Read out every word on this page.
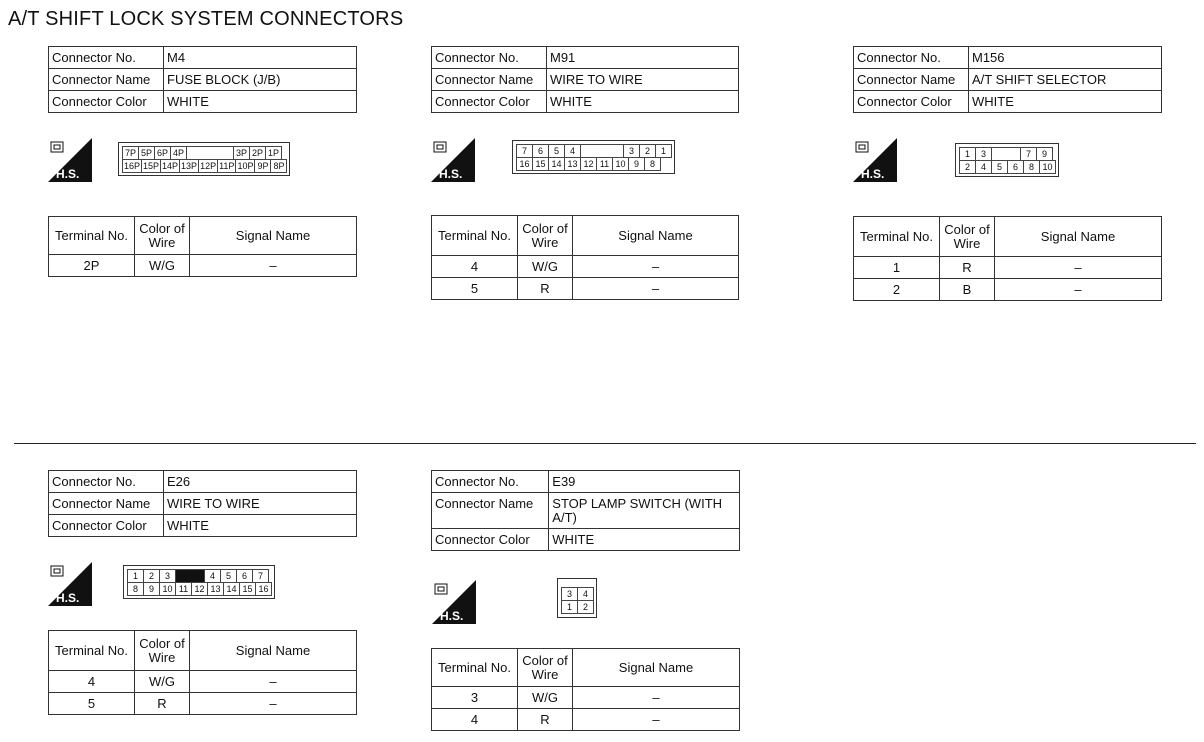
A/T SHIFT LOCK SYSTEM CONNECTORS
Connector No.	M4
Connector Name	FUSE BLOCK (J/B)
Connector Color	WHITE
H.S.
7P 5P 6P 4P	3P 2P 1P
16P 15P 14P 13P 12P 11P 10P 9P 8P
Terminal No.	Color of Wire	Signal Name
2P	W/G	–
Connector No.	M91
Connector Name	WIRE TO WIRE
Connector Color	WHITE
H.S.
7	6	5	4	3	2	1
16 15 14 13 12 11 10 9	8
Terminal No.	Color of Wire	Signal Name
4	W/G	–
5	R	–
Connector No.	M156
Connector Name	A/T SHIFT SELECTOR
Connector Color	WHITE
H.S.
1	3	7	9
2	4	5	6	8 10
Terminal No.	Color of Wire	Signal Name
1	R	–
2	B	–
Connector No.	E26
Connector Name	WIRE TO WIRE
Connector Color	WHITE
H.S.
1	2	3	4	5	6	7
8	9 10 11 12 13 14 15 16
Terminal No.	Color of Wire	Signal Name
4	W/G	–
5	R	–
Connector No.	E39
Connector Name	STOP LAMP SWITCH (WITH A/T)
Connector Color	WHITE
H.S.
3	4
1	2
Terminal No.	Color of Wire	Signal Name
3	W/G	–
4	R	–
